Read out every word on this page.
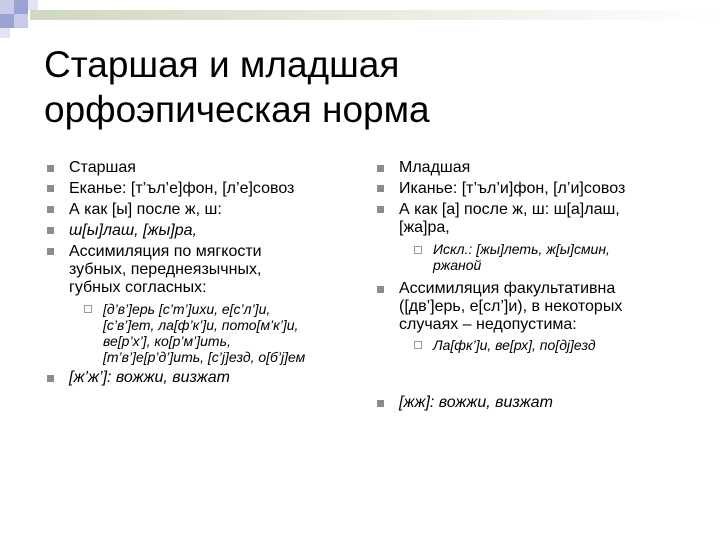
Старшая и младшая
орфоэпическая норма
Старшая
Еканье: [т’ъл’е]фон, [л’е]совоз
А как [ы] после ж, ш:
ш[ы]лаш, [жы]ра,
Ассимиляция по мягкости
зубных, переднеязычных,
губных согласных:
[д’в’]ерь [с’т’]ихи, е[с’л’]и,
[с’в’]ет, ла[ф’к’]и, пото[м’к’]и,
ве[р’х’], ко[р’м’]ить,
[т’в’]е[р’д’]ить, [с’j]езд, о[б’j]ем
[ж’ж’]: вожжи, визжат
Младшая
Иканье: [т’ъл’и]фон, [л’и]совоз
А как [а] после ж, ш: ш[а]лаш,
[жа]ра,
Искл.: [жы]леть, ж[ы]смин,
ржаной
Ассимиляция факультативна
([дв’]ерь, е[сл’]и), в некоторых
случаях – недопустима:
Ла[фк’]и, ве[рх], по[дj]езд
[жж]: вожжи, визжат
